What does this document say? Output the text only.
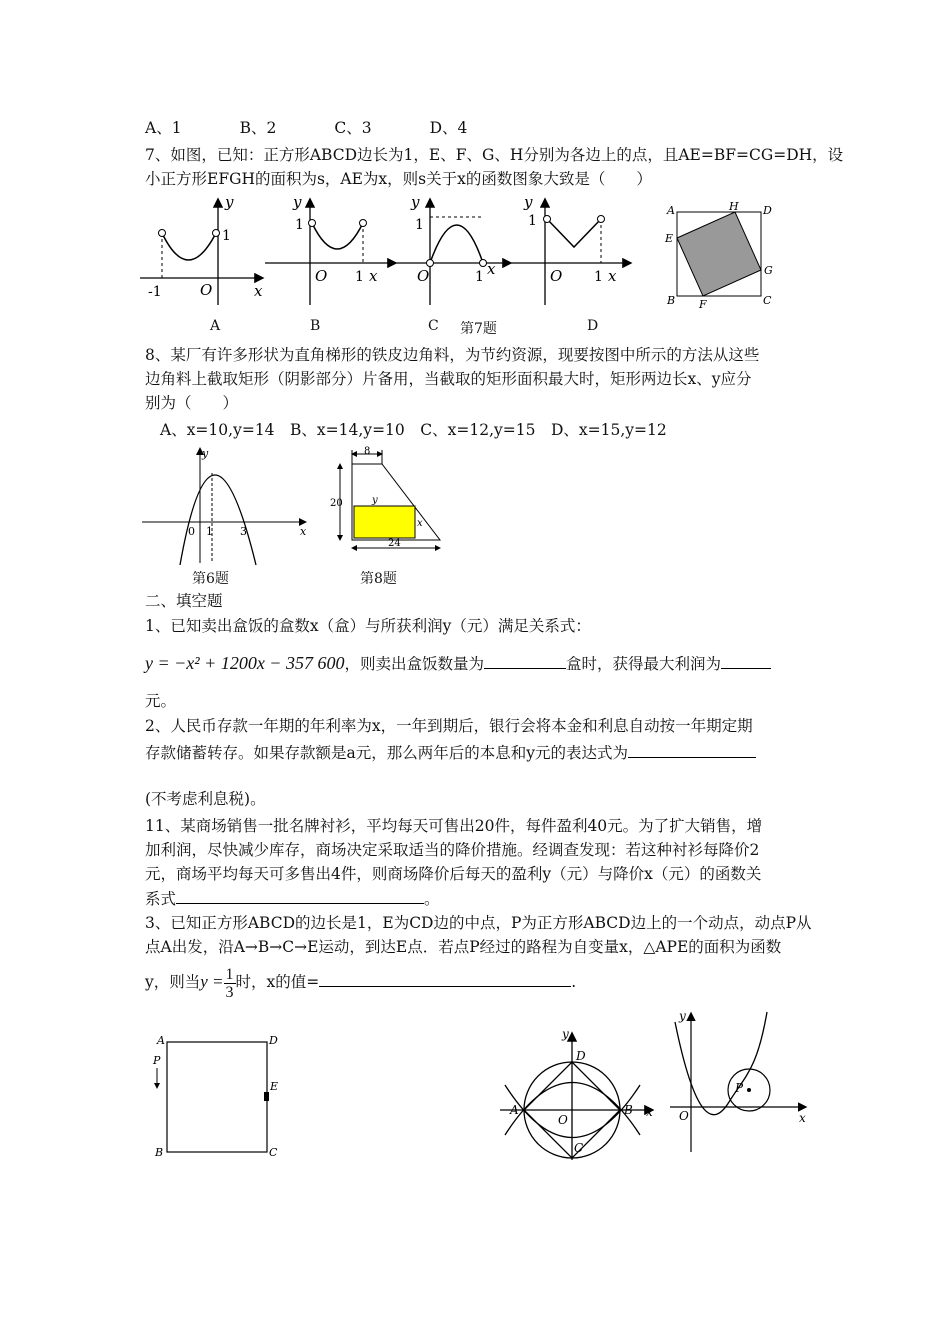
A、1	B、2	C、3	D、4
7、如图，已知：正方形ABCD边长为1，E、F、G、H分别为各边上的点，且AE=BF=CG=DH，设
小正方形EFGH的面积为s，AE为x，则s关于x的函数图象大致是（　　）
y
1
-1	O	x
y
1
O 1 x
y
1
O	1 x
y
1
O 1 x
A	H D
E
G
B F	C
A	B	C 第7题	D
8、某厂有许多形状为直角梯形的铁皮边角料，为节约资源，现要按图中所示的方法从这些
边角料上截取矩形（阴影部分）片备用，当截取的矩形面积最大时，矩形两边长x、y应分
别为（　　）
A、x=10,y=14　B、x=14,y=10　C、x=12,y=15　D、x=15,y=12
y
x
0 1 3
8
20
24
y
x
第6题	第8题
二、填空题
1、已知卖出盒饭的盒数x（盒）与所获利润y（元）满足关系式：
y = −x² + 1200x − 357 600，则卖出盒饭数量为	盒时，获得最大利润为
元。
2、人民币存款一年期的年利率为x，一年到期后，银行会将本金和利息自动按一年期定期
存款储蓄转存。如果存款额是a元，那么两年后的本息和y元的表达式为
(不考虑利息税)。
11、某商场销售一批名牌衬衫，平均每天可售出20件，每件盈利40元。为了扩大销售，增
加利润，尽快减少库存，商场决定采取适当的降价措施。经调查发现：若这种衬衫每降价2
元，商场平均每天可多售出4件，则商场降价后每天的盈利y（元）与降价x（元）的函数关
系式	。
3、已知正方形ABCD的边长是1，E为CD边的中点，P为正方形ABCD边上的一个动点，动点P从
点A出发，沿A→B→C→E运动，到达E点．若点P经过的路程为自变量x，△APE的面积为函数
y，则当$y = \frac{1}{3}$ 时，x的值=	.
A	D
P
E
B	C
y
x
A	B
D
C
O
y
x
O
P
